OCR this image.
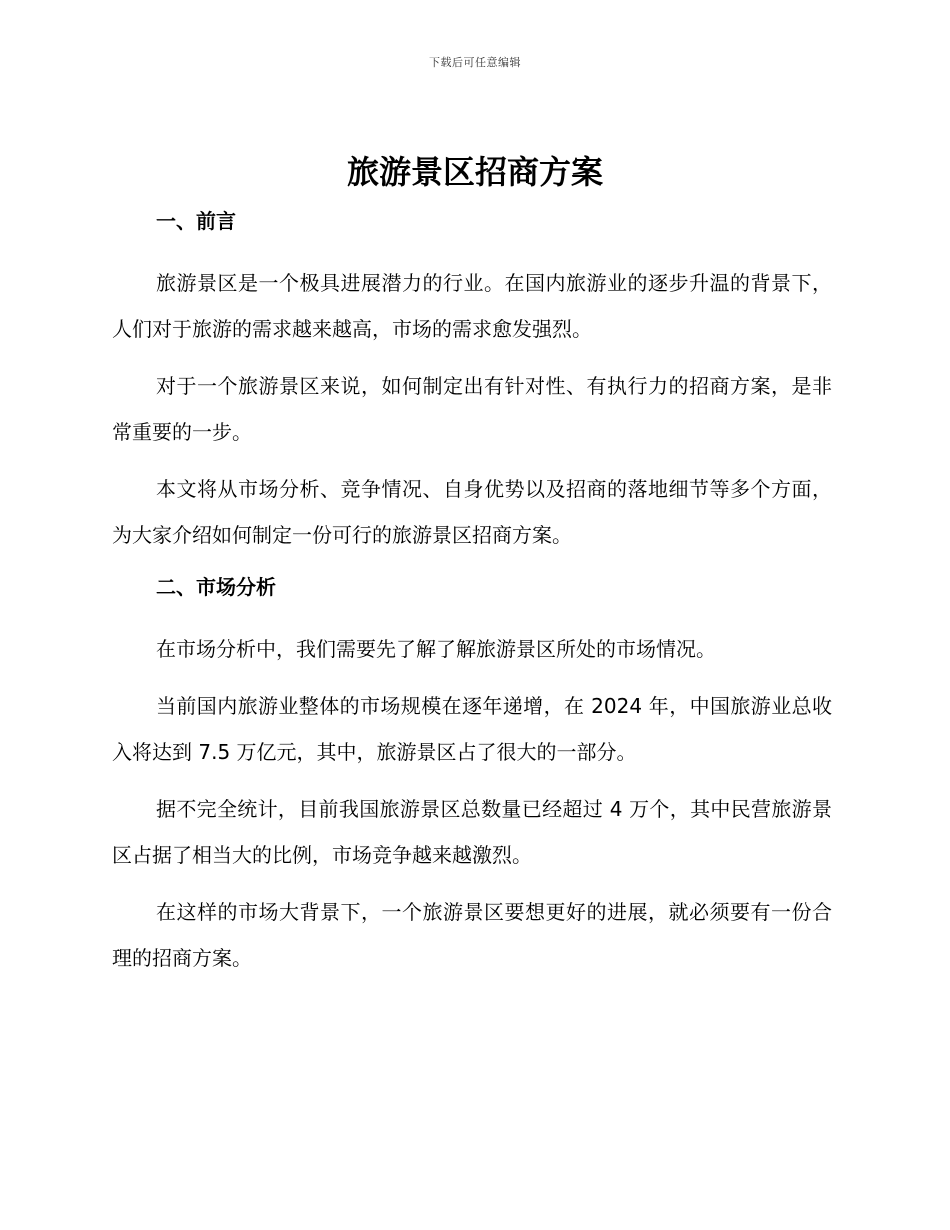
下载后可任意编辑
旅游景区招商方案
一、前言

旅游景区是一个极具进展潜力的行业。在国内旅游业的逐步升温的背景下，人们对于旅游的需求越来越高，市场的需求愈发强烈。

对于一个旅游景区来说，如何制定出有针对性、有执行力的招商方案，是非常重要的一步。

本文将从市场分析、竞争情况、自身优势以及招商的落地细节等多个方面，为大家介绍如何制定一份可行的旅游景区招商方案。

二、市场分析

在市场分析中，我们需要先了解了解旅游景区所处的市场情况。

当前国内旅游业整体的市场规模在逐年递增，在 2024 年，中国旅游业总收入将达到 7.5 万亿元，其中，旅游景区占了很大的一部分。

据不完全统计，目前我国旅游景区总数量已经超过 4 万个，其中民营旅游景区占据了相当大的比例，市场竞争越来越激烈。

在这样的市场大背景下，一个旅游景区要想更好的进展，就必须要有一份合理的招商方案。
